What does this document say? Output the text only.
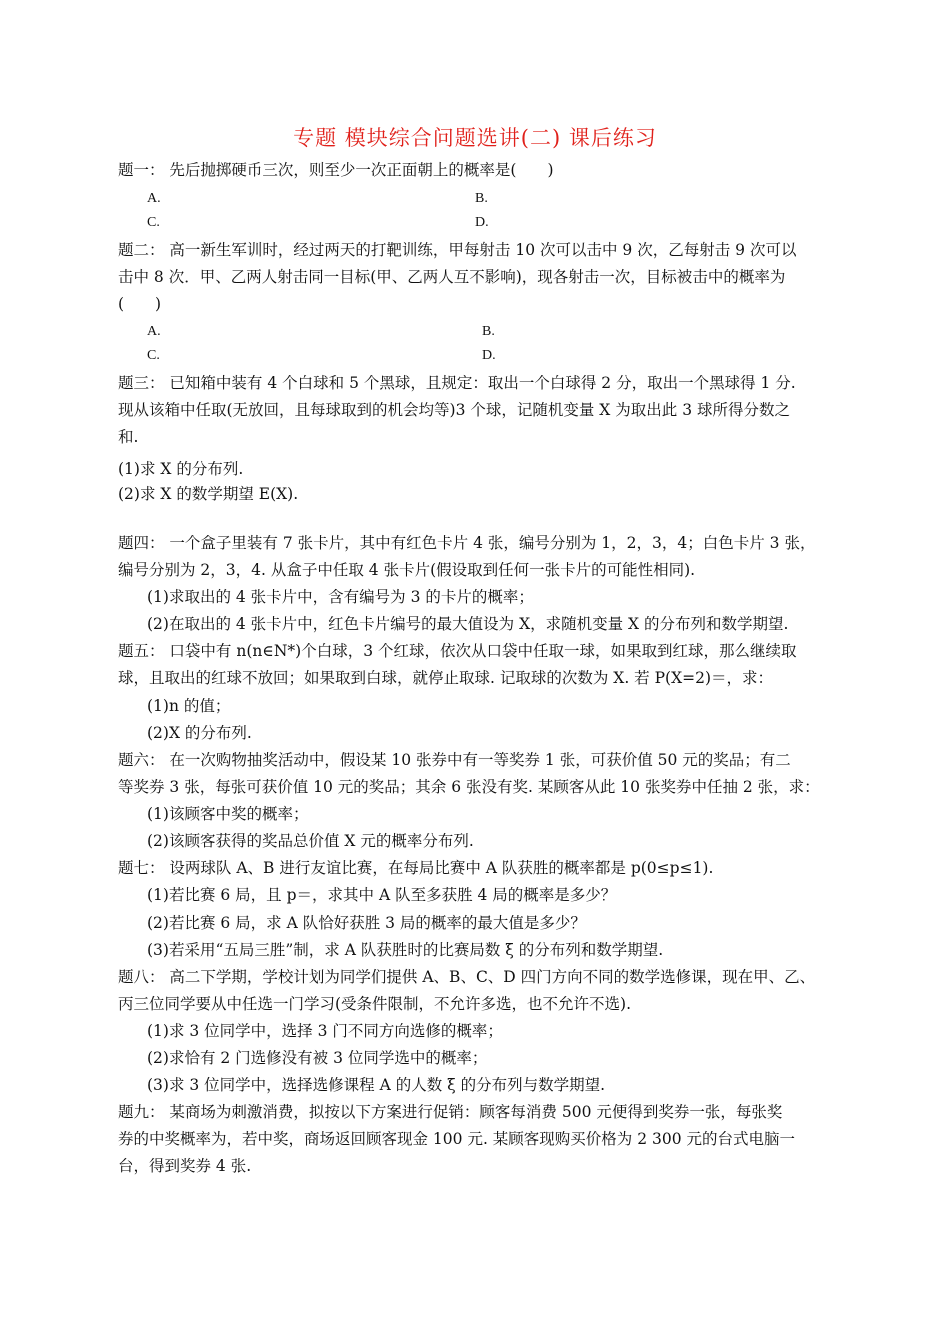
专题 模块综合问题选讲(二) 课后练习
题一： 先后抛掷硬币三次，则至少一次正面朝上的概率是(　　)
A.	B.
C.	D.
题二： 高一新生军训时，经过两天的打靶训练，甲每射击 10 次可以击中 9 次，乙每射击 9 次可以
击中 8 次．甲、乙两人射击同一目标(甲、乙两人互不影响)，现各射击一次，目标被击中的概率为
(　　)
A.	B.
C.	D.
题三： 已知箱中装有 4 个白球和 5 个黑球，且规定：取出一个白球得 2 分，取出一个黑球得 1 分.
现从该箱中任取(无放回，且每球取到的机会均等)3 个球，记随机变量 X 为取出此 3 球所得分数之
和.
(1)求 X 的分布列.
(2)求 X 的数学期望 E(X).
题四： 一个盒子里装有 7 张卡片，其中有红色卡片 4 张，编号分别为 1，2，3，4；白色卡片 3 张，
编号分别为 2，3，4. 从盒子中任取 4 张卡片(假设取到任何一张卡片的可能性相同).
(1)求取出的 4 张卡片中，含有编号为 3 的卡片的概率；
(2)在取出的 4 张卡片中，红色卡片编号的最大值设为 X，求随机变量 X 的分布列和数学期望.
题五： 口袋中有 n(n∈N*)个白球，3 个红球，依次从口袋中任取一球，如果取到红球，那么继续取
球，且取出的红球不放回；如果取到白球，就停止取球. 记取球的次数为 X. 若 P(X=2)＝，求：
(1)n 的值；
(2)X 的分布列.
题六： 在一次购物抽奖活动中，假设某 10 张券中有一等奖券 1 张，可获价值 50 元的奖品；有二
等奖券 3 张，每张可获价值 10 元的奖品；其余 6 张没有奖. 某顾客从此 10 张奖券中任抽 2 张，求：
(1)该顾客中奖的概率；
(2)该顾客获得的奖品总价值 X 元的概率分布列.
题七： 设两球队 A、B 进行友谊比赛，在每局比赛中 A 队获胜的概率都是 p(0≤p≤1).
(1)若比赛 6 局，且 p＝，求其中 A 队至多获胜 4 局的概率是多少？
(2)若比赛 6 局，求 A 队恰好获胜 3 局的概率的最大值是多少？
(3)若采用“五局三胜”制，求 A 队获胜时的比赛局数 ξ 的分布列和数学期望.
题八： 高二下学期，学校计划为同学们提供 A、B、C、D 四门方向不同的数学选修课，现在甲、乙、
丙三位同学要从中任选一门学习(受条件限制，不允许多选，也不允许不选).
(1)求 3 位同学中，选择 3 门不同方向选修的概率；
(2)求恰有 2 门选修没有被 3 位同学选中的概率；
(3)求 3 位同学中，选择选修课程 A 的人数 ξ 的分布列与数学期望.
题九： 某商场为刺激消费，拟按以下方案进行促销：顾客每消费 500 元便得到奖券一张，每张奖
券的中奖概率为，若中奖，商场返回顾客现金 100 元. 某顾客现购买价格为 2 300 元的台式电脑一
台，得到奖券 4 张.
